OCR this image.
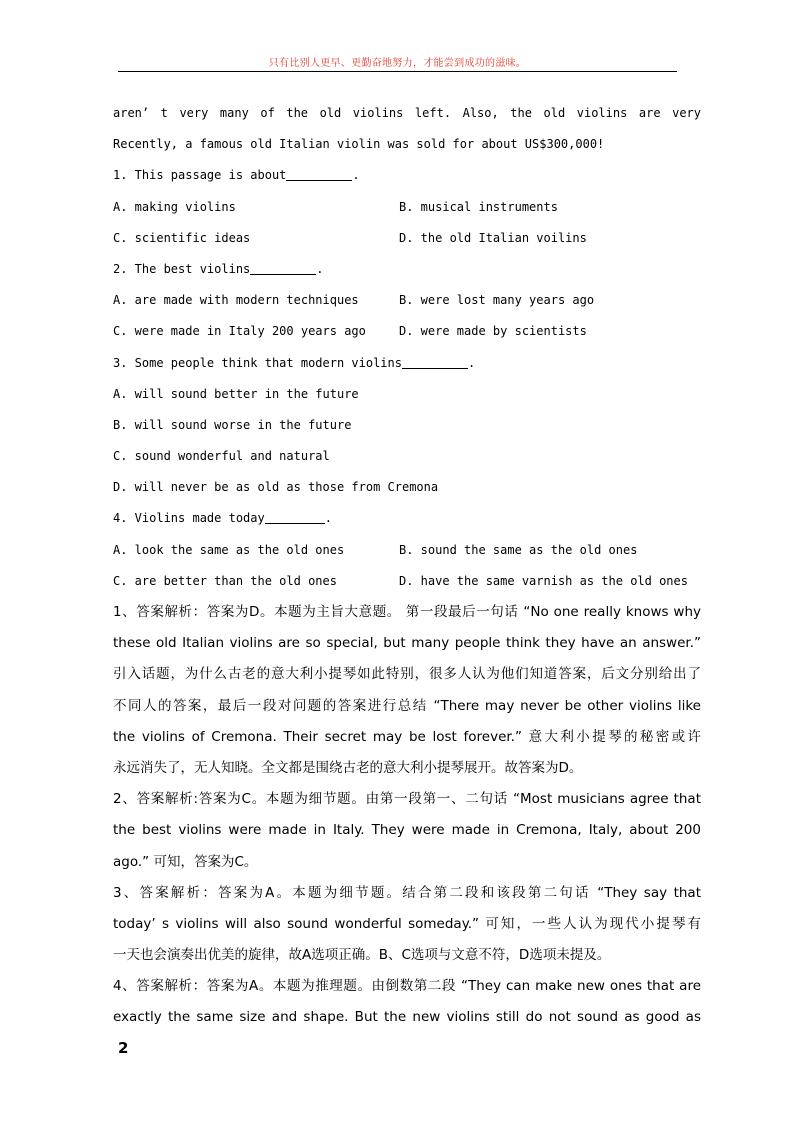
只有比别人更早、更勤奋地努力，才能尝到成功的滋味。
aren’ t very many of the old violins left. Also, the old violins are very
Recently, a famous old Italian violin was sold for about US$300,000!
1. This passage is about	.
A. making violins	B. musical instruments
C. scientific ideas	D. the old Italian voilins
2. The best violins	.
A. are made with modern techniques	B. were lost many years ago
C. were made in Italy 200 years ago	D. were made by scientists
3. Some people think that modern violins	.
A. will sound better in the future
B. will sound worse in the future
C. sound wonderful and natural
D. will never be as old as those from Cremona
4. Violins made today	.
A. look the same as the old ones	B. sound the same as the old ones
C. are better than the old ones	D. have the same varnish as the old ones
1、答案解析：答案为D。本题为主旨大意题。 第一段最后一句话 “No one really knows why
these old Italian violins are so special, but many people think they have an answer.”
引入话题，为什么古老的意大利小提琴如此特别，很多人认为他们知道答案，后文分别给出了
不同人的答案，最后一段对问题的答案进行总结 “There may never be other violins like
the violins of Cremona. Their secret may be lost forever.” 意大利小提琴的秘密或许
永远消失了，无人知晓。全文都是围绕古老的意大利小提琴展开。故答案为D。
2、答案解析:答案为C。本题为细节题。由第一段第一、二句话 “Most musicians agree that
the best violins were made in Italy. They were made in Cremona, Italy, about 200
ago.” 可知，答案为C。
3、答案解析：答案为A。本题为细节题。结合第二段和该段第二句话 “They say that
today’ s violins will also sound wonderful someday.” 可知，一些人认为现代小提琴有
一天也会演奏出优美的旋律，故A选项正确。B、C选项与文意不符，D选项未提及。
4、答案解析：答案为A。本题为推理题。由倒数第二段 “They can make new ones that are
exactly the same size and shape. But the new violins still do not sound as good as
2
